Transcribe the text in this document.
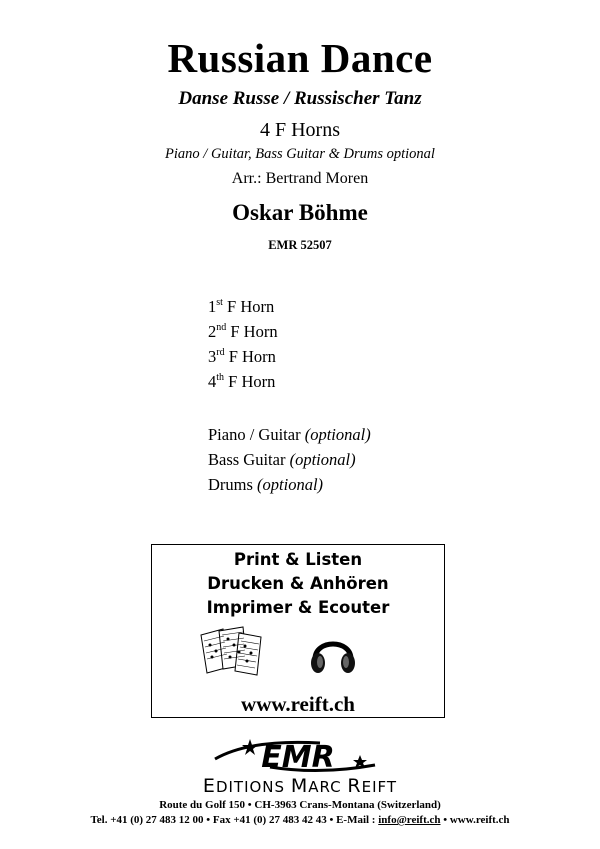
Russian Dance
Danse Russe / Russischer Tanz
4 F Horns
Piano / Guitar, Bass Guitar & Drums optional
Arr.: Bertrand Moren
Oskar Böhme
EMR 52507
1st F Horn
2nd F Horn
3rd F Horn
4th F Horn
Piano / Guitar (optional)
Bass Guitar (optional)
Drums (optional)
Print & Listen
Drucken & Anhören
Imprimer & Ecouter
www.reift.ch
EMR
EDITIONS MARC REIFT
Route du Golf 150 • CH-3963 Crans-Montana (Switzerland)
Tel. +41 (0) 27 483 12 00 • Fax +41 (0) 27 483 42 43 • E-Mail : info@reift.ch • www.reift.ch
